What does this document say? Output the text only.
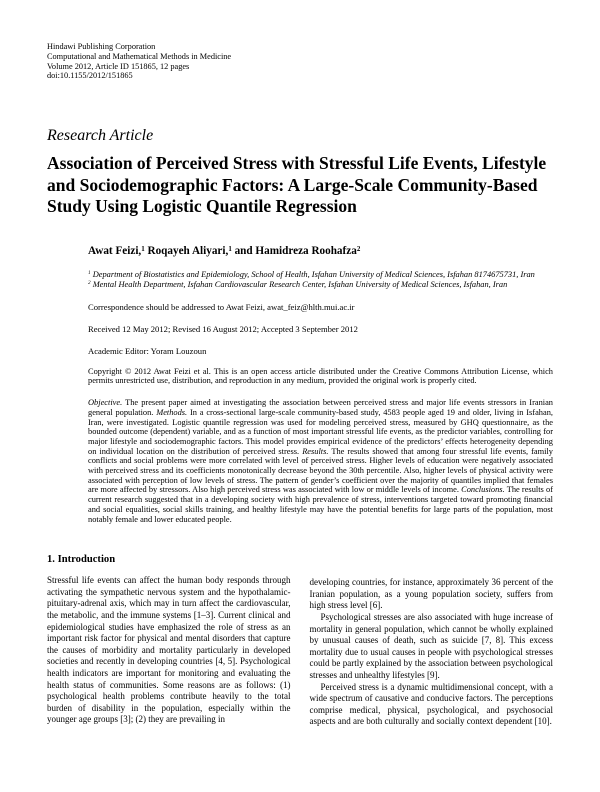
Hindawi Publishing Corporation
Computational and Mathematical Methods in Medicine
Volume 2012, Article ID 151865, 12 pages
doi:10.1155/2012/151865
Research Article
Association of Perceived Stress with Stressful Life Events, Lifestyle and Sociodemographic Factors: A Large-Scale Community-Based Study Using Logistic Quantile Regression

Awat Feizi,$^1$ Roqayeh Aliyari,$^1$ and Hamidreza Roohafza$^2$

$^1$ Department of Biostatistics and Epidemiology, School of Health, Isfahan University of Medical Sciences, Isfahan 8174675731, Iran

$^2$ Mental Health Department, Isfahan Cardiovascular Research Center, Isfahan University of Medical Sciences, Isfahan, Iran

Correspondence should be addressed to Awat Feizi, awat_feiz@hlth.mui.ac.ir

Received 12 May 2012; Revised 16 August 2012; Accepted 3 September 2012

Academic Editor: Yoram Louzoun

Copyright © 2012 Awat Feizi et al. This is an open access article distributed under the Creative Commons Attribution License, which permits unrestricted use, distribution, and reproduction in any medium, provided the original work is properly cited.

Objective. The present paper aimed at investigating the association between perceived stress and major life events stressors in Iranian general population. Methods. In a cross-sectional large-scale community-based study, 4583 people aged 19 and older, living in Isfahan, Iran, were investigated. Logistic quantile regression was used for modeling perceived stress, measured by GHQ questionnaire, as the bounded outcome (dependent) variable, and as a function of most important stressful life events, as the predictor variables, controlling for major lifestyle and sociodemographic factors. This model provides empirical evidence of the predictors’ effects heterogeneity depending on individual location on the distribution of perceived stress. Results. The results showed that among four stressful life events, family conflicts and social problems were more correlated with level of perceived stress. Higher levels of education were negatively associated with perceived stress and its coefficients monotonically decrease beyond the 30th percentile. Also, higher levels of physical activity were associated with perception of low levels of stress. The pattern of gender’s coefficient over the majority of quantiles implied that females are more affected by stressors. Also high perceived stress was associated with low or middle levels of income. Conclusions. The results of current research suggested that in a developing society with high prevalence of stress, interventions targeted toward promoting financial and social equalities, social skills training, and healthy lifestyle may have the potential benefits for large parts of the population, most notably female and lower educated people.

1. Introduction

Stressful life events can affect the human body responds through activating the sympathetic nervous system and the hypothalamic-pituitary-adrenal axis, which may in turn affect the cardiovascular, the metabolic, and the immune systems [1–3]. Current clinical and epidemiological studies have emphasized the role of stress as an important risk factor for physical and mental disorders that capture the causes of morbidity and mortality particularly in developed societies and recently in developing countries [4, 5]. Psychological health indicators are important for monitoring and evaluating the health status of communities. Some reasons are as follows: (1) psychological health problems contribute heavily to the total burden of disability in the population, especially within the younger age groups [3]; (2) they are prevailing in

developing countries, for instance, approximately 36 percent of the Iranian population, as a young population society, suffers from high stress level [6].

Psychological stresses are also associated with huge increase of mortality in general population, which cannot be wholly explained by unusual causes of death, such as suicide [7, 8]. This excess mortality due to usual causes in people with psychological stresses could be partly explained by the association between psychological stresses and unhealthy lifestyles [9].

Perceived stress is a dynamic multidimensional concept, with a wide spectrum of causative and conducive factors. The perceptions comprise medical, physical, psychological, and psychosocial aspects and are both culturally and socially context dependent [10].
